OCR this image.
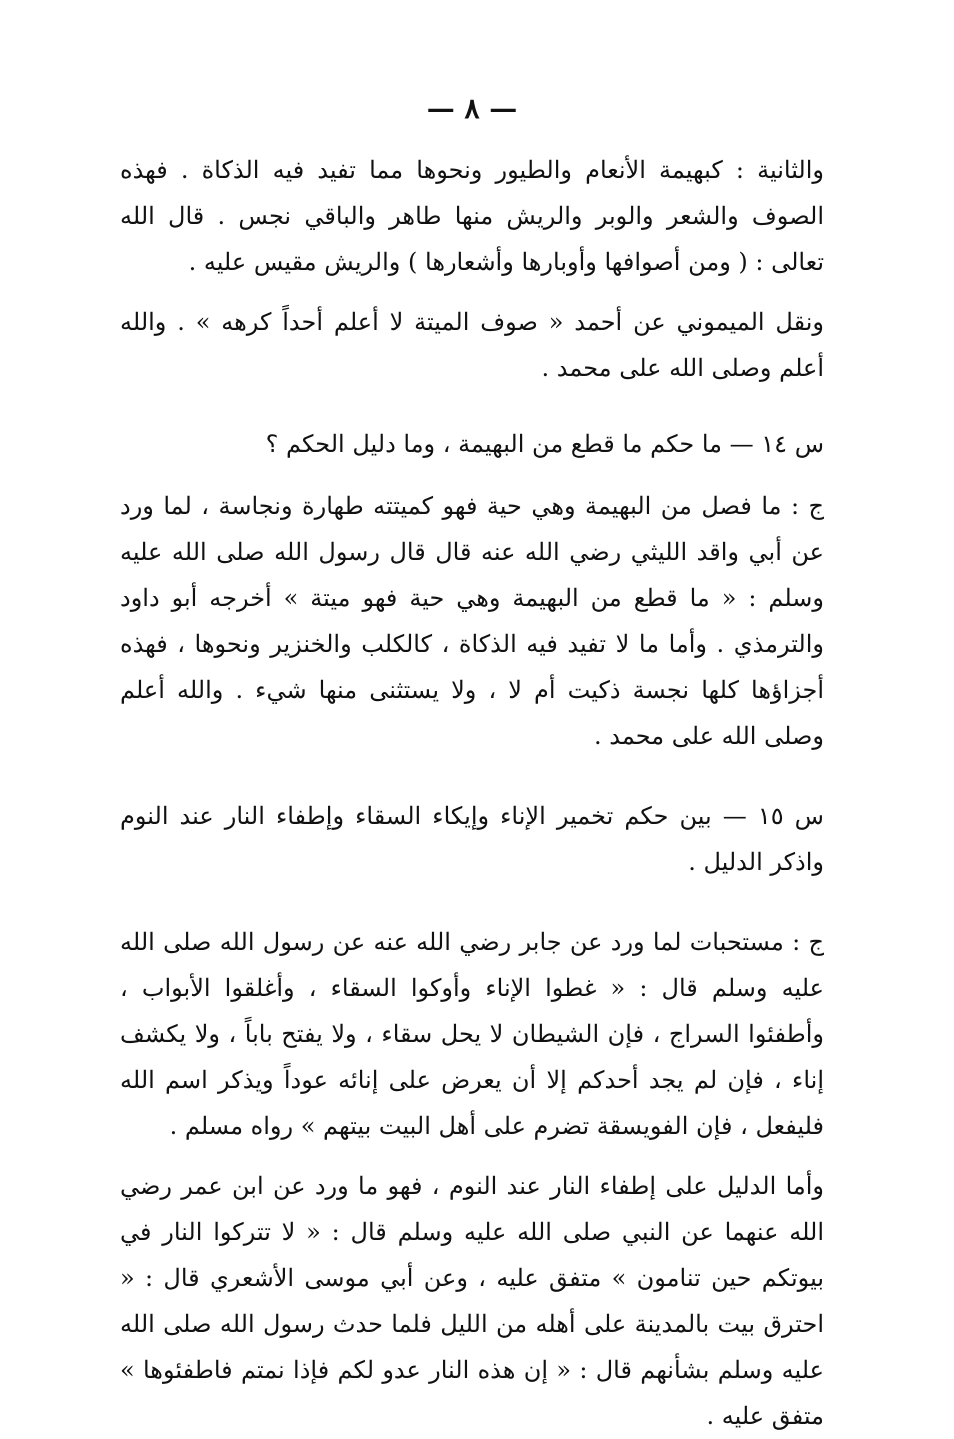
— ٨ —

والثانية : كبهيمة الأنعام والطيور ونحوها مما تفيد فيه الذكاة . فهذه الصوف والشعر والوبر والريش منها طاهر والباقي نجس . قال الله تعالى : ( ومن أصوافها وأوبارها وأشعارها ) والريش مقيس عليه .

ونقل الميموني عن أحمد « صوف الميتة لا أعلم أحداً كرهه » . والله أعلم وصلى الله على محمد .

س ١٤ — ما حكم ما قطع من البهيمة ، وما دليل الحكم ؟

ج : ما فصل من البهيمة وهي حية فهو كميتته طهارة ونجاسة ، لما ورد عن أبي واقد الليثي رضي الله عنه قال قال رسول الله صلى الله عليه وسلم : « ما قطع من البهيمة وهي حية فهو ميتة » أخرجه أبو داود والترمذي . وأما ما لا تفيد فيه الذكاة ، كالكلب والخنزير ونحوها ، فهذه أجزاؤها كلها نجسة ذكيت أم لا ، ولا يستثنى منها شيء . والله أعلم وصلى الله على محمد .

س ١٥ — بين حكم تخمير الإناء وإيكاء السقاء وإطفاء النار عند النوم واذكر الدليل .

ج : مستحبات لما ورد عن جابر رضي الله عنه عن رسول الله صلى الله عليه وسلم قال : « غطوا الإناء وأوكوا السقاء ، وأغلقوا الأبواب ، وأطفئوا السراج ، فإن الشيطان لا يحل سقاء ، ولا يفتح باباً ، ولا يكشف إناء ، فإن لم يجد أحدكم إلا أن يعرض على إنائه عوداً ويذكر اسم الله فليفعل ، فإن الفويسقة تضرم على أهل البيت بيتهم » رواه مسلم .

وأما الدليل على إطفاء النار عند النوم ، فهو ما ورد عن ابن عمر رضي الله عنهما عن النبي صلى الله عليه وسلم قال : « لا تتركوا النار في بيوتكم حين تنامون » متفق عليه ، وعن أبي موسى الأشعري قال : « احترق بيت بالمدينة على أهله من الليل فلما حدث رسول الله صلى الله عليه وسلم بشأنهم قال : « إن هذه النار عدو لكم فإذا نمتم فاطفئوها » متفق عليه .
